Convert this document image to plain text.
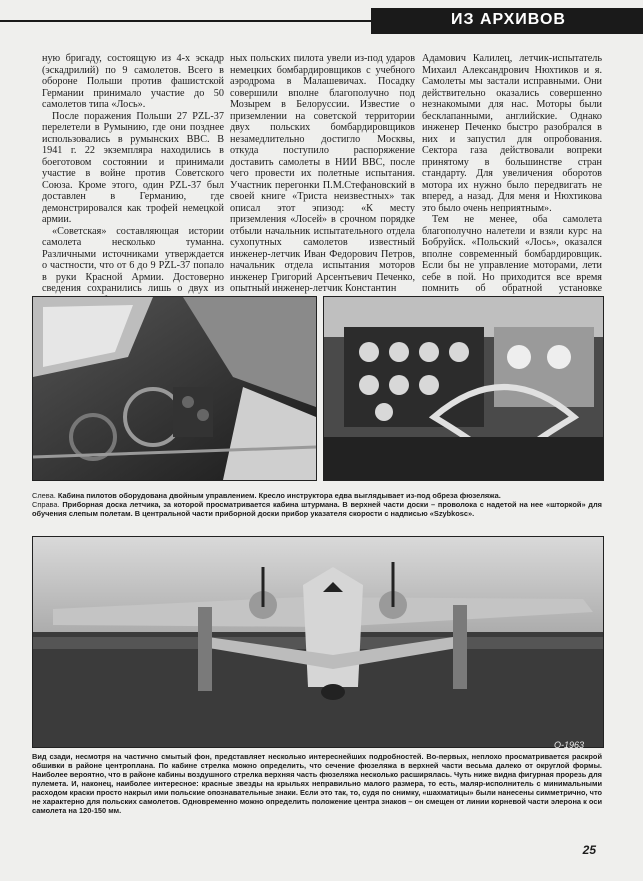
ИЗ АРХИВОВ

ную бригаду, состоящую из 4-х эскадр (эскадрилий) по 9 самолетов. Всего в обороне Польши против фашистской Германии принимало участие до 50 самолетов типа «Лось».

После поражения Польши 27 PZL-37 перелетели в Румынию, где они позднее использовались в румынских ВВС. В 1941 г. 22 экземпляра находились в боеготовом состоянии и принимали участие в войне против Советского Союза. Кроме этого, один PZL-37 был доставлен в Германию, где демонстрировался как трофей немецкой армии.

«Советская» составляющая истории самолета несколько туманна. Различными источниками утверждается о частности, что от 6 до 9 PZL-37 попало в руки Красной Армии. Достоверно сведения сохранились лишь о двух из

ных польских пилота увели из-под ударов немецких бомбардировщиков с учебного аэродрома в Малашевичах. Посадку совершили вполне благополучно под Мозырем в Белоруссии. Известие о приземлении на советской территории двух польских бомбардировщиков незамедлительно достигло Москвы, откуда поступило распоряжение доставить самолеты в НИИ ВВС, после чего провести их полетные испытания. Участник перегонки П.М.Стефановский в своей книге «Триста неизвестных» так описал этот эпизод: «К месту приземления «Лосей» в срочном порядке отбыли начальник испытательного отдела сухопутных самолетов известный инженер-летчик Иван Федорович Петров, начальник отдела испытания моторов инженер Григорий Арсентьевич Печенко, опытный инженер-летчик Константин

Адамович Калилец, летчик-испытатель Михаил Александрович Нюхтиков и я. Самолеты мы застали исправными. Они действительно оказались совершенно незнакомыми для нас. Моторы были бесклапанными, английские. Однако инженер Печенко быстро разобрался в них и запустил для опробования. Сектора газа действовали вопреки принятому в большинстве стран стандарту. Для увеличения оборотов мотора их нужно было передвигать не вперед, а назад. Для меня и Нюхтикова это было очень неприятным».

Тем не менее, оба самолета благополучно налетели и взяли курс на Бобруйск. «Польский «Лось», оказался вполне современный бомбардировщик. Если бы не управление моторами, лети себе в пой. Но приходится все время помнить об обратной установке

Слева. Кабина пилотов оборудована двойным управлением. Кресло инструктора едва выглядывает из-под обреза фюзеляжа.
Справа. Приборная доска летчика, за которой просматривается кабина штурмана. В верхней части доски – проволока с надетой на нее «шторкой» для обучения слепым полетам. В центральной части приборной доски прибор указателя скорости с надписью «Szybkosc».
О-1963
Вид сзади, несмотря на частично смытый фон, представляет несколько интереснейших подробностей. Во-первых, неплохо просматривается раскрой обшивки в районе центроплана. По кабине стрелка можно определить, что сечение фюзеляжа в верхней части весьма далеко от округлой формы. Наиболее вероятно, что в районе кабины воздушного стрелка верхняя часть фюзеляжа несколько расширялась. Чуть ниже видна фигурная прорезь для пулемета. И, наконец, наиболее интересное: красные звезды на крыльях неправильно малого размера, то есть, маляр-исполнитель с минимальными расходом краски просто накрыл ими польские опознавательные знаки. Если это так, то, судя по снимку, «шахматицы» были нанесены симметрично, что не характерно для польских самолетов. Одновременно можно определить положение центра знаков – он смещен от линии корневой части элерона к оси самолета на 120-150 мм.
25
